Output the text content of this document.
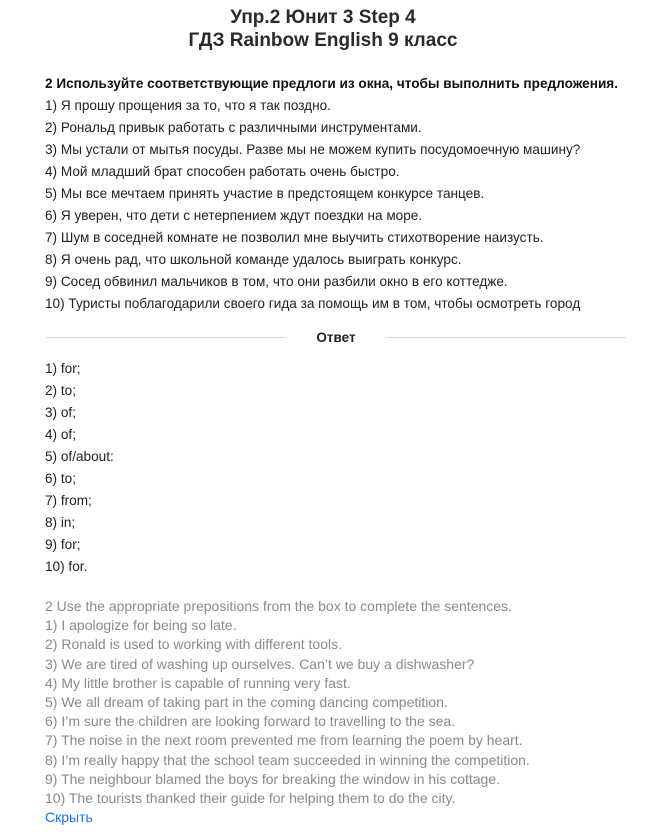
Упр.2 Юнит 3 Step 4
ГДЗ Rainbow English 9 класс
2 Используйте соответствующие предлоги из окна, чтобы выполнить предложения.
1) Я прошу прощения за то, что я так поздно.
2) Рональд привык работать с различными инструментами.
3) Мы устали от мытья посуды. Разве мы не можем купить посудомоечную машину?
4) Мой младший брат способен работать очень быстро.
5) Мы все мечтаем принять участие в предстоящем конкурсе танцев.
6) Я уверен, что дети с нетерпением ждут поездки на море.
7) Шум в соседней комнате не позволил мне выучить стихотворение наизусть.
8) Я очень рад, что школьной команде удалось выиграть конкурс.
9) Сосед обвинил мальчиков в том, что они разбили окно в его коттедже.
10) Туристы поблагодарили своего гида за помощь им в том, чтобы осмотреть город
Ответ
1) for;
2) to;
3) of;
4) of;
5) of/about:
6) to;
7) from;
8) in;
9) for;
10) for.
2 Use the appropriate prepositions from the box to complete the sentences.
1) I apologize for being so late.
2) Ronald is used to working with different tools.
3) We are tired of washing up ourselves. Can’t we buy a dishwasher?
4) My little brother is capable of running very fast.
5) We all dream of taking part in the coming dancing competition.
6) I’m sure the children are looking forward to travelling to the sea.
7) The noise in the next room prevented me from learning the poem by heart.
8) I’m really happy that the school team succeeded in winning the competition.
9) The neighbour blamed the boys for breaking the window in his cottage.
10) The tourists thanked their guide for helping them to do the city.
Скрыть
